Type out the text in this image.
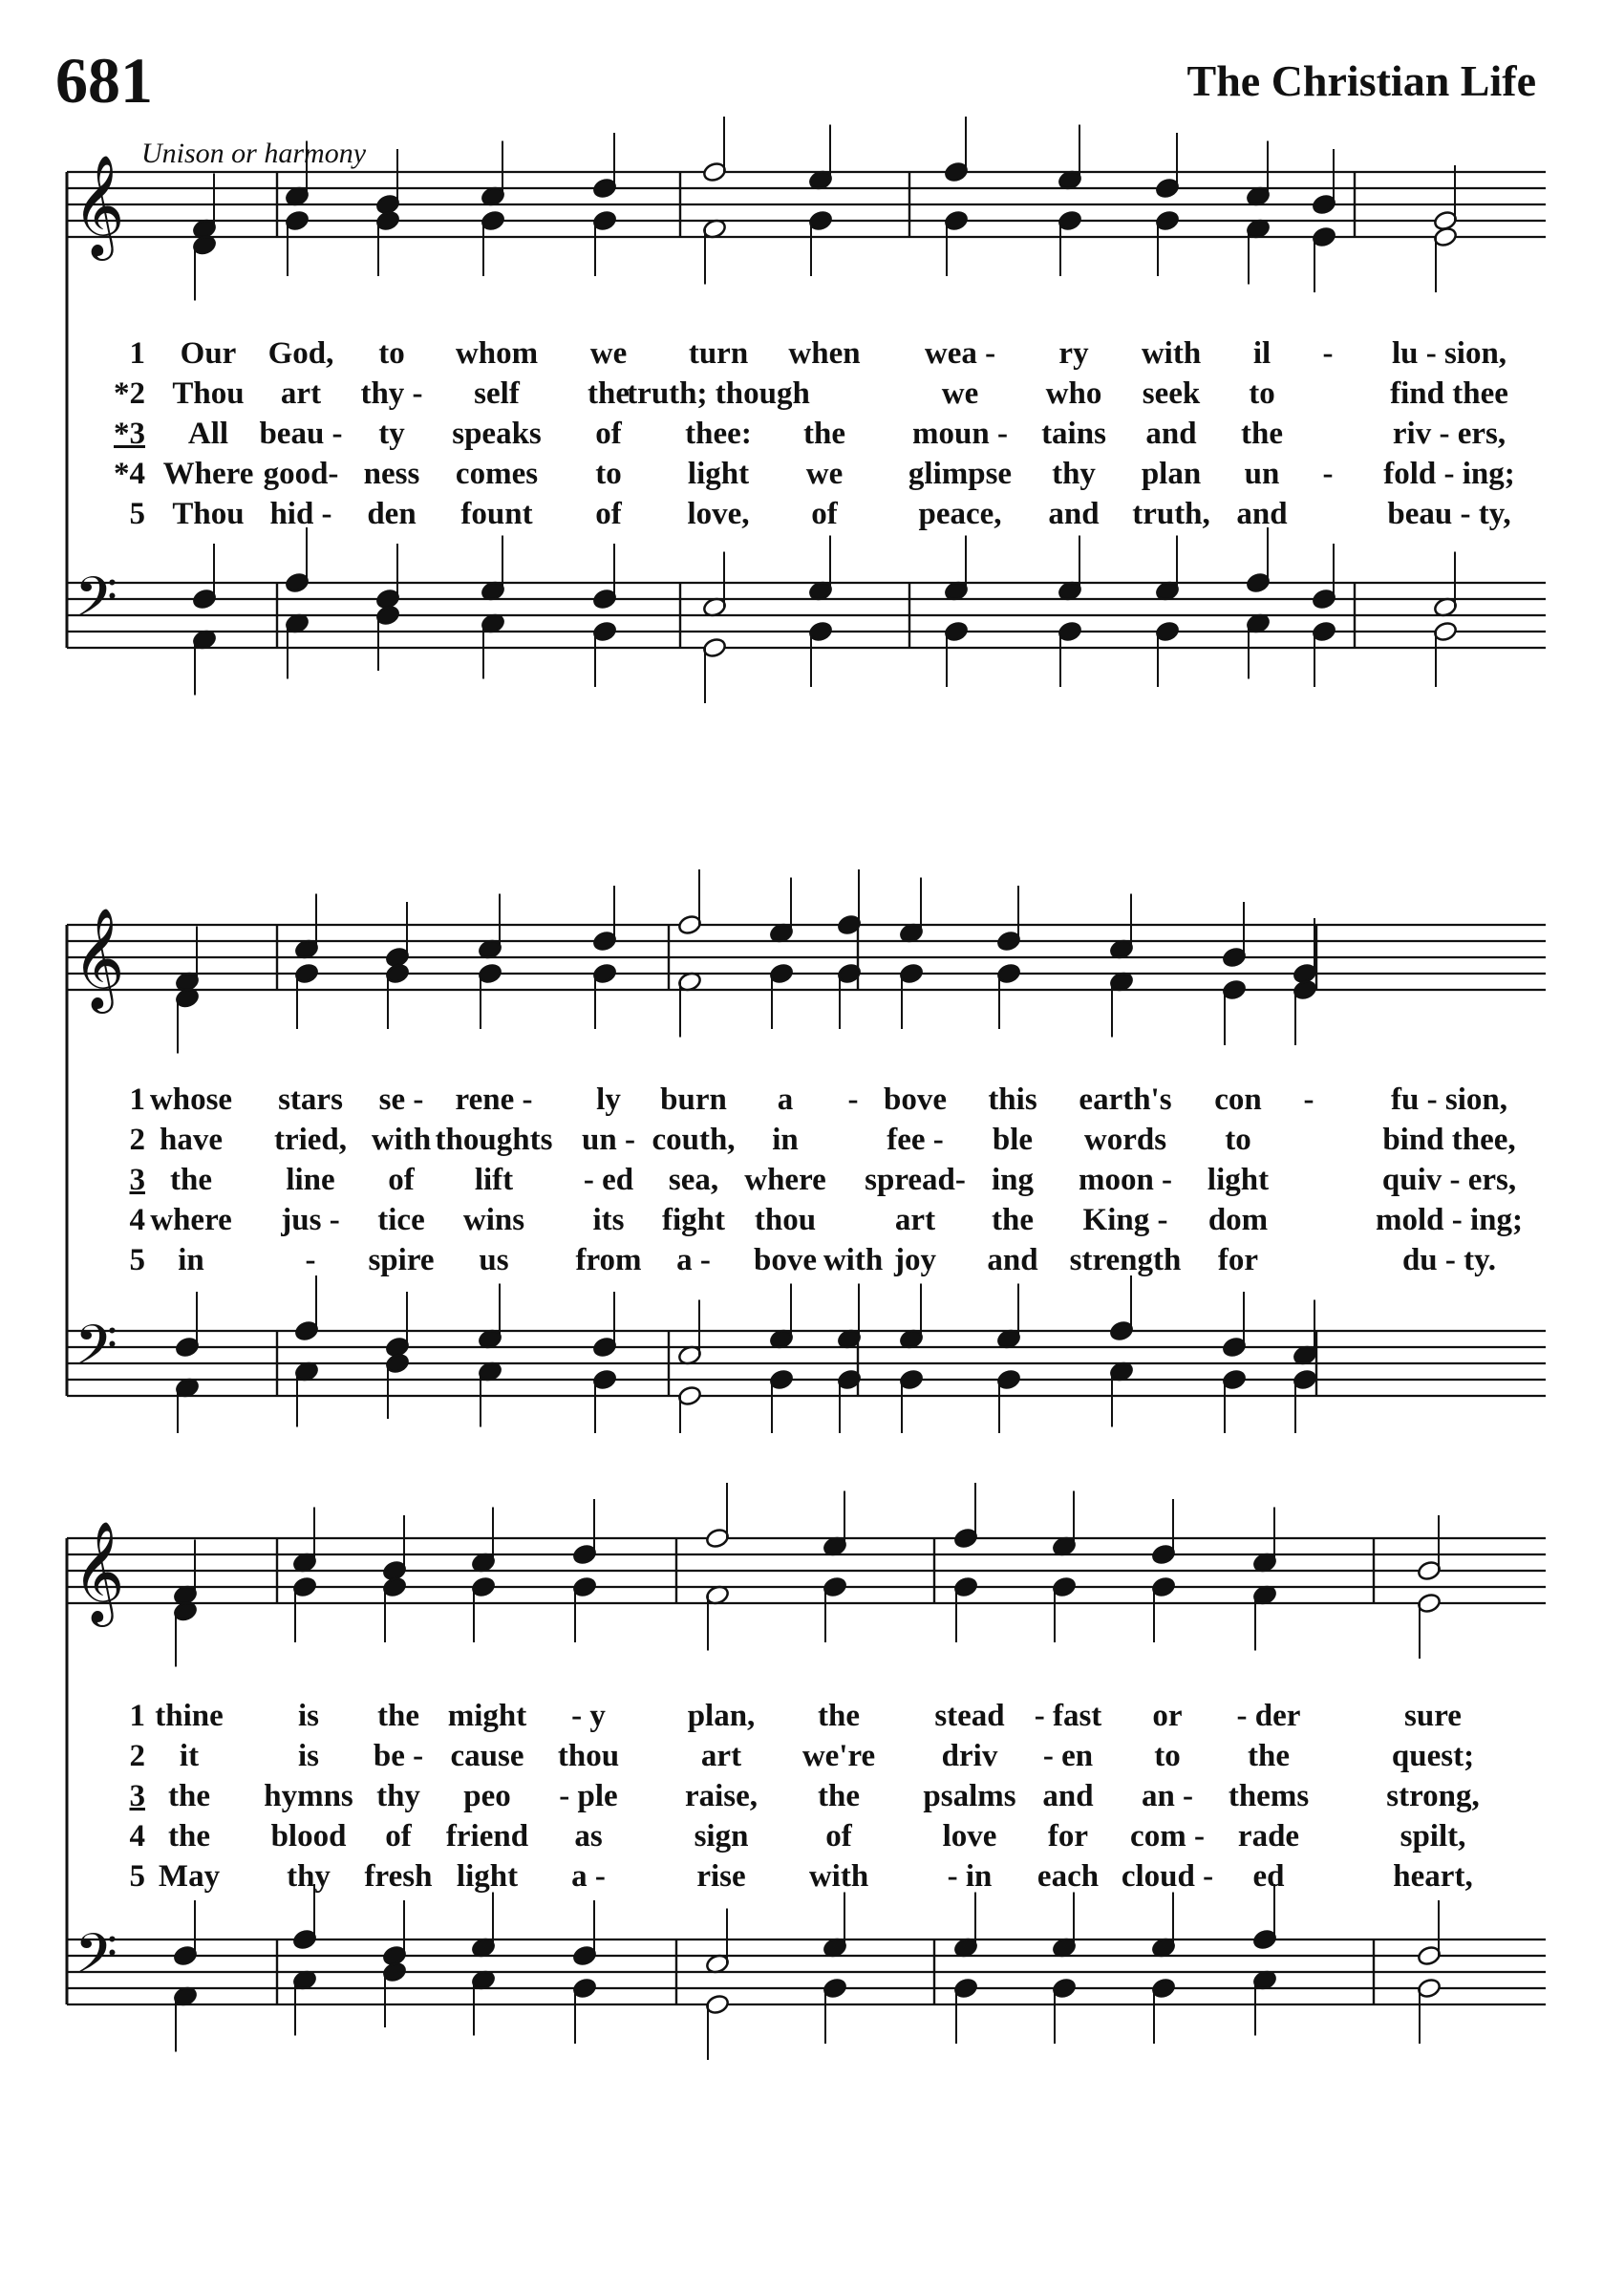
681	The Christian Life
Unison or harmony
𝄞
𝄢
𝄞
𝄢
𝄞
𝄢
1 Our God, to whom we turn when wea - ry with il - lu - sion,
*2 Thou art thy - self the
truth; though	we who seek to	find thee
*3 All beau - ty speaks of thee: the moun - tains and the	riv - ers,
*4 Where good- ness comes to light we glimpse thy plan un - fold - ing;
5 Thou hid - den fount of love, of	peace, and truth, and	beau - ty,
1 whose stars se - rene - ly burn a - bove this earth's con - fu - sion,
2 have tried, with thoughts un - couth, in	fee - ble words to	bind thee,
3 the line of lift - ed sea, where spread- ing moon - light	quiv - ers,
4 where jus - tice wins its fight thou	art the King - dom	mold - ing;
5 in	- spire us from a - bove with joy and strength for	du - ty.
1 thine is the might - y	plan, the stead - fast or - der	sure
2 it	is be - cause thou	art we're driv - en to the	quest;
3 the hymns thy peo - ple raise, the psalms and an - thems strong,
4 the blood of friend as	sign of	love for com - rade	spilt,
5 May thy fresh light a -	rise with - in each cloud - ed	heart,
